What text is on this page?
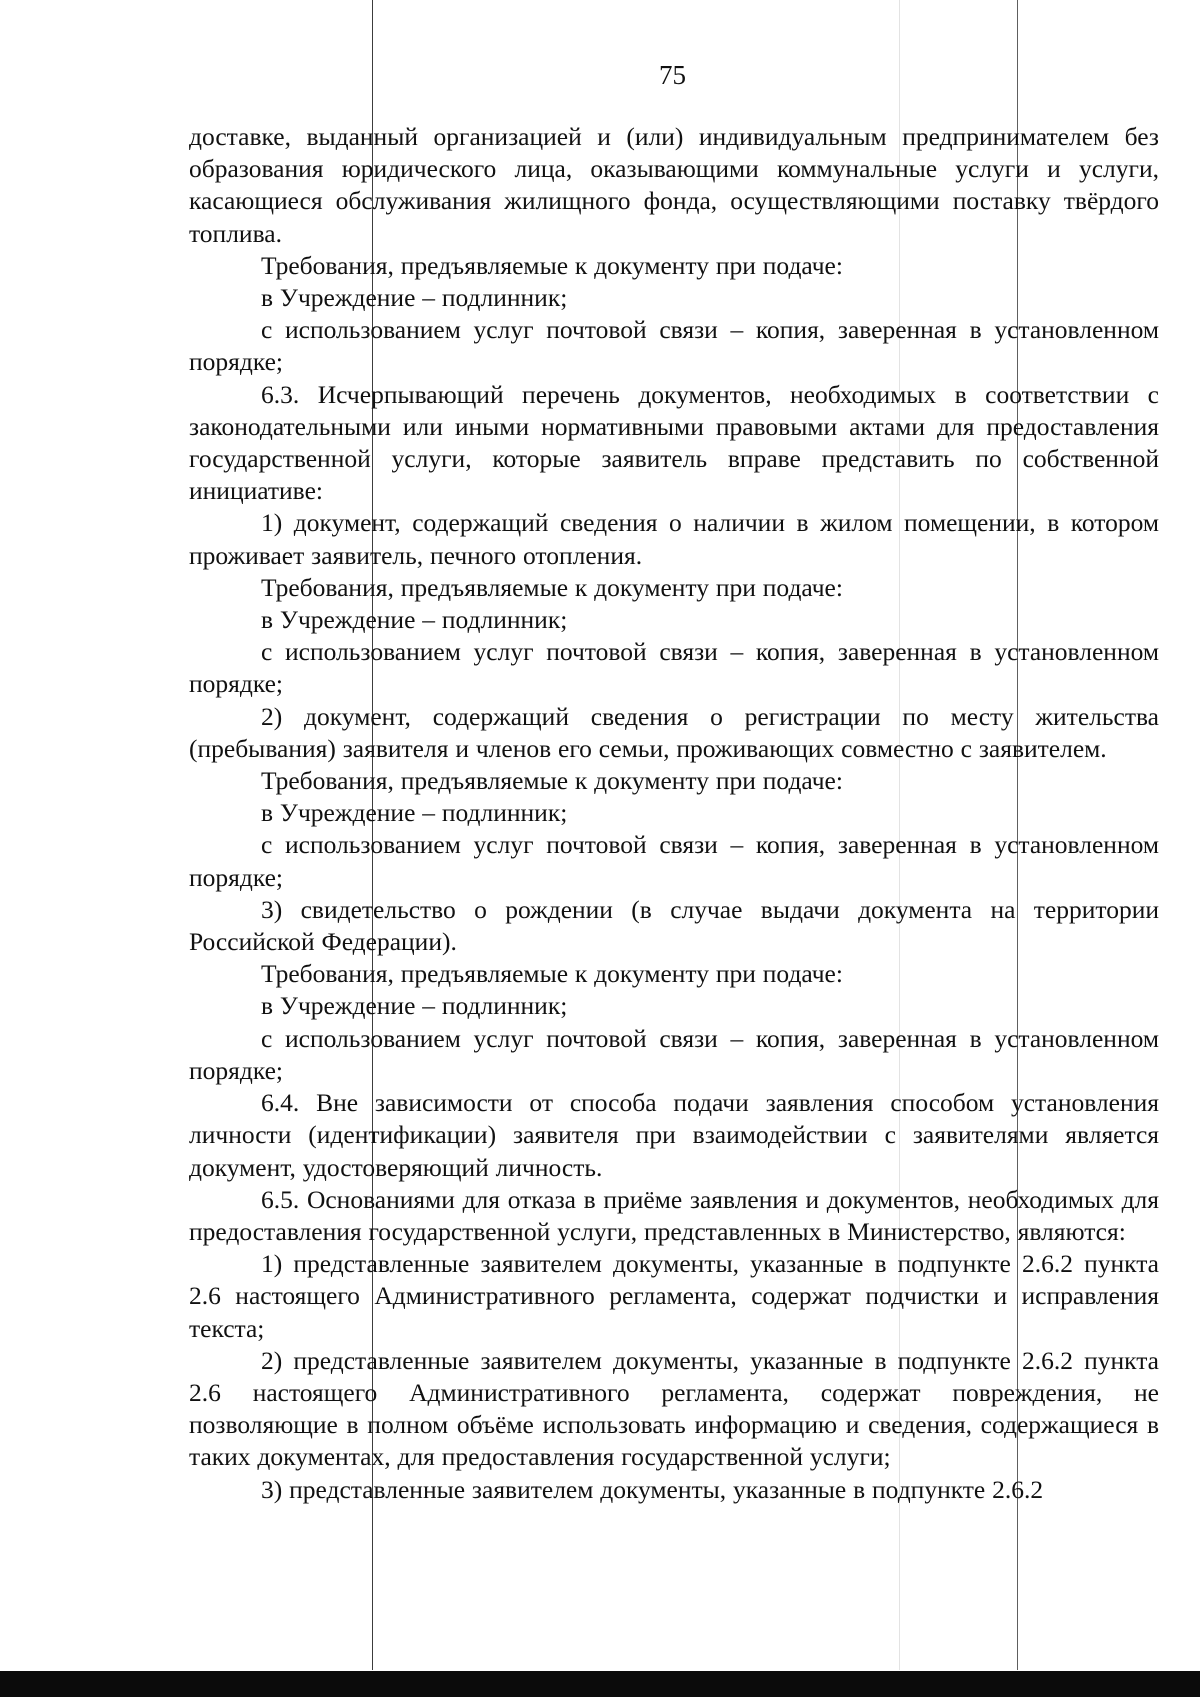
75

доставке, выданный организацией и (или) индивидуальным предпринимателем без образования юридического лица, оказывающими коммунальные услуги и услуги, касающиеся обслуживания жилищного фонда, осуществляющими поставку твёрдого топлива.

Требования, предъявляемые к документу при подаче:

в Учреждение – подлинник;

с использованием услуг почтовой связи – копия, заверенная в установленном порядке;

6.3. Исчерпывающий перечень документов, необходимых в соответствии с законодательными или иными нормативными правовыми актами для предоставления государственной услуги, которые заявитель вправе представить по собственной инициативе:

1) документ, содержащий сведения о наличии в жилом помещении, в котором проживает заявитель, печного отопления.

Требования, предъявляемые к документу при подаче:

в Учреждение – подлинник;

с использованием услуг почтовой связи – копия, заверенная в установленном порядке;

2) документ, содержащий сведения о регистрации по месту жительства (пребывания) заявителя и членов его семьи, проживающих совместно с заявителем.

Требования, предъявляемые к документу при подаче:

в Учреждение – подлинник;

с использованием услуг почтовой связи – копия, заверенная в установленном порядке;

3) свидетельство о рождении (в случае выдачи документа на территории Российской Федерации).

Требования, предъявляемые к документу при подаче:

в Учреждение – подлинник;

с использованием услуг почтовой связи – копия, заверенная в установленном порядке;

6.4. Вне зависимости от способа подачи заявления способом установления личности (идентификации) заявителя при взаимодействии с заявителями является документ, удостоверяющий личность.

6.5. Основаниями для отказа в приёме заявления и документов, необходимых для предоставления государственной услуги, представленных в Министерство, являются:

1) представленные заявителем документы, указанные в подпункте 2.6.2 пункта 2.6 настоящего Административного регламента, содержат подчистки и исправления текста;

2) представленные заявителем документы, указанные в подпункте 2.6.2 пункта 2.6 настоящего Административного регламента, содержат повреждения, не позволяющие в полном объёме использовать информацию и сведения, содержащиеся в таких документах, для предоставления государственной услуги;

3) представленные заявителем документы, указанные в подпункте 2.6.2
